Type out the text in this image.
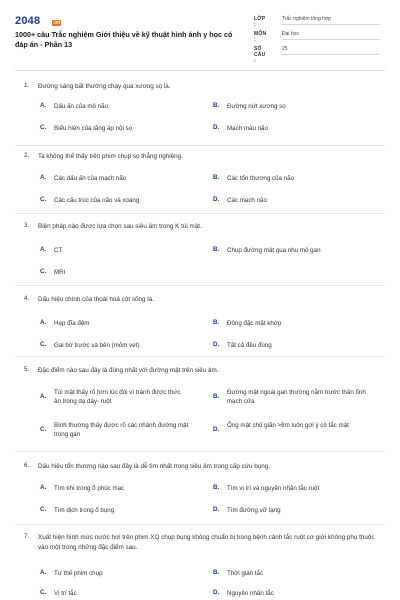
2048	.vn
1000+ câu Trắc nghiệm Giới thiệu về kỹ thuật hình ảnh y học có đáp án - Phần 13
LỚP :
Trắc nghiệm tổng hợp
MÔN :
Đại học
SỐ CÂU :
25
1. Đường sáng bất thường chạy qua xương sọ là.
A. Dấu ấn của mô não	B. Đường nứt xương sọ
C. Biểu hiện của tăng áp nội sọ	D. Mạch máu não
2. Ta không thể thấy trên phim chụp sọ thẳng nghiêng.
A. Các dấu ấn của mạch não	B. Các tổn thương của não
C. Các cấu trúc của não và xoang	D. Các mạch não
3. Biện pháp nào được lựa chọn sau siêu âm trong K túi mật.
A. CT	B. Chụp đường mật qua nhu mô gan
C. MRI
4. Dấu hiệu chính của thoái hoá cột sống là.
A. Hẹp đĩa đệm	B. Đông đặc mặt khớp
C. Gai bờ trước và bên (mỏm vẹt)	D. Tất cả đều đúng
5. Đặc điểm nào sau đây là đúng nhất với đường mật trên siêu âm.
A.
Túi mật thấy rõ hơn lúc đói vì tránh được thức ăn trong dạ dày- ruột
B.
Đường mật ngoài gan thường nằm trước thân tĩnh mạch cửa
C.
Bình thường thấy được rõ các nhánh đường mật trong gan
D.
Ống mật chủ giãn >8m luôn gợi ý có tắc mật
6. Dấu hiệu tổn thương nào sau đây là dễ tìm nhất trong siêu âm trong cấp cứu bụng.
A. Tìm khí trong ổ phúc mạc	B. Tìm vị trí và nguyên nhân tắc ruột
C. Tìm dịch trong ổ bụng	D. Tìm đường vỡ tạng
7. Xuất hiện hình mức nước hơi trên phim XQ chụp bụng không chuẩn bị trong bệnh cảnh tắc ruột cơ giới không phụ thuộc vào một trong những đặc điểm sau.
A. Tư thế phim chụp	B. Thời gian tắc
C. Vị trí tắc	D. Nguyên nhân tắc
